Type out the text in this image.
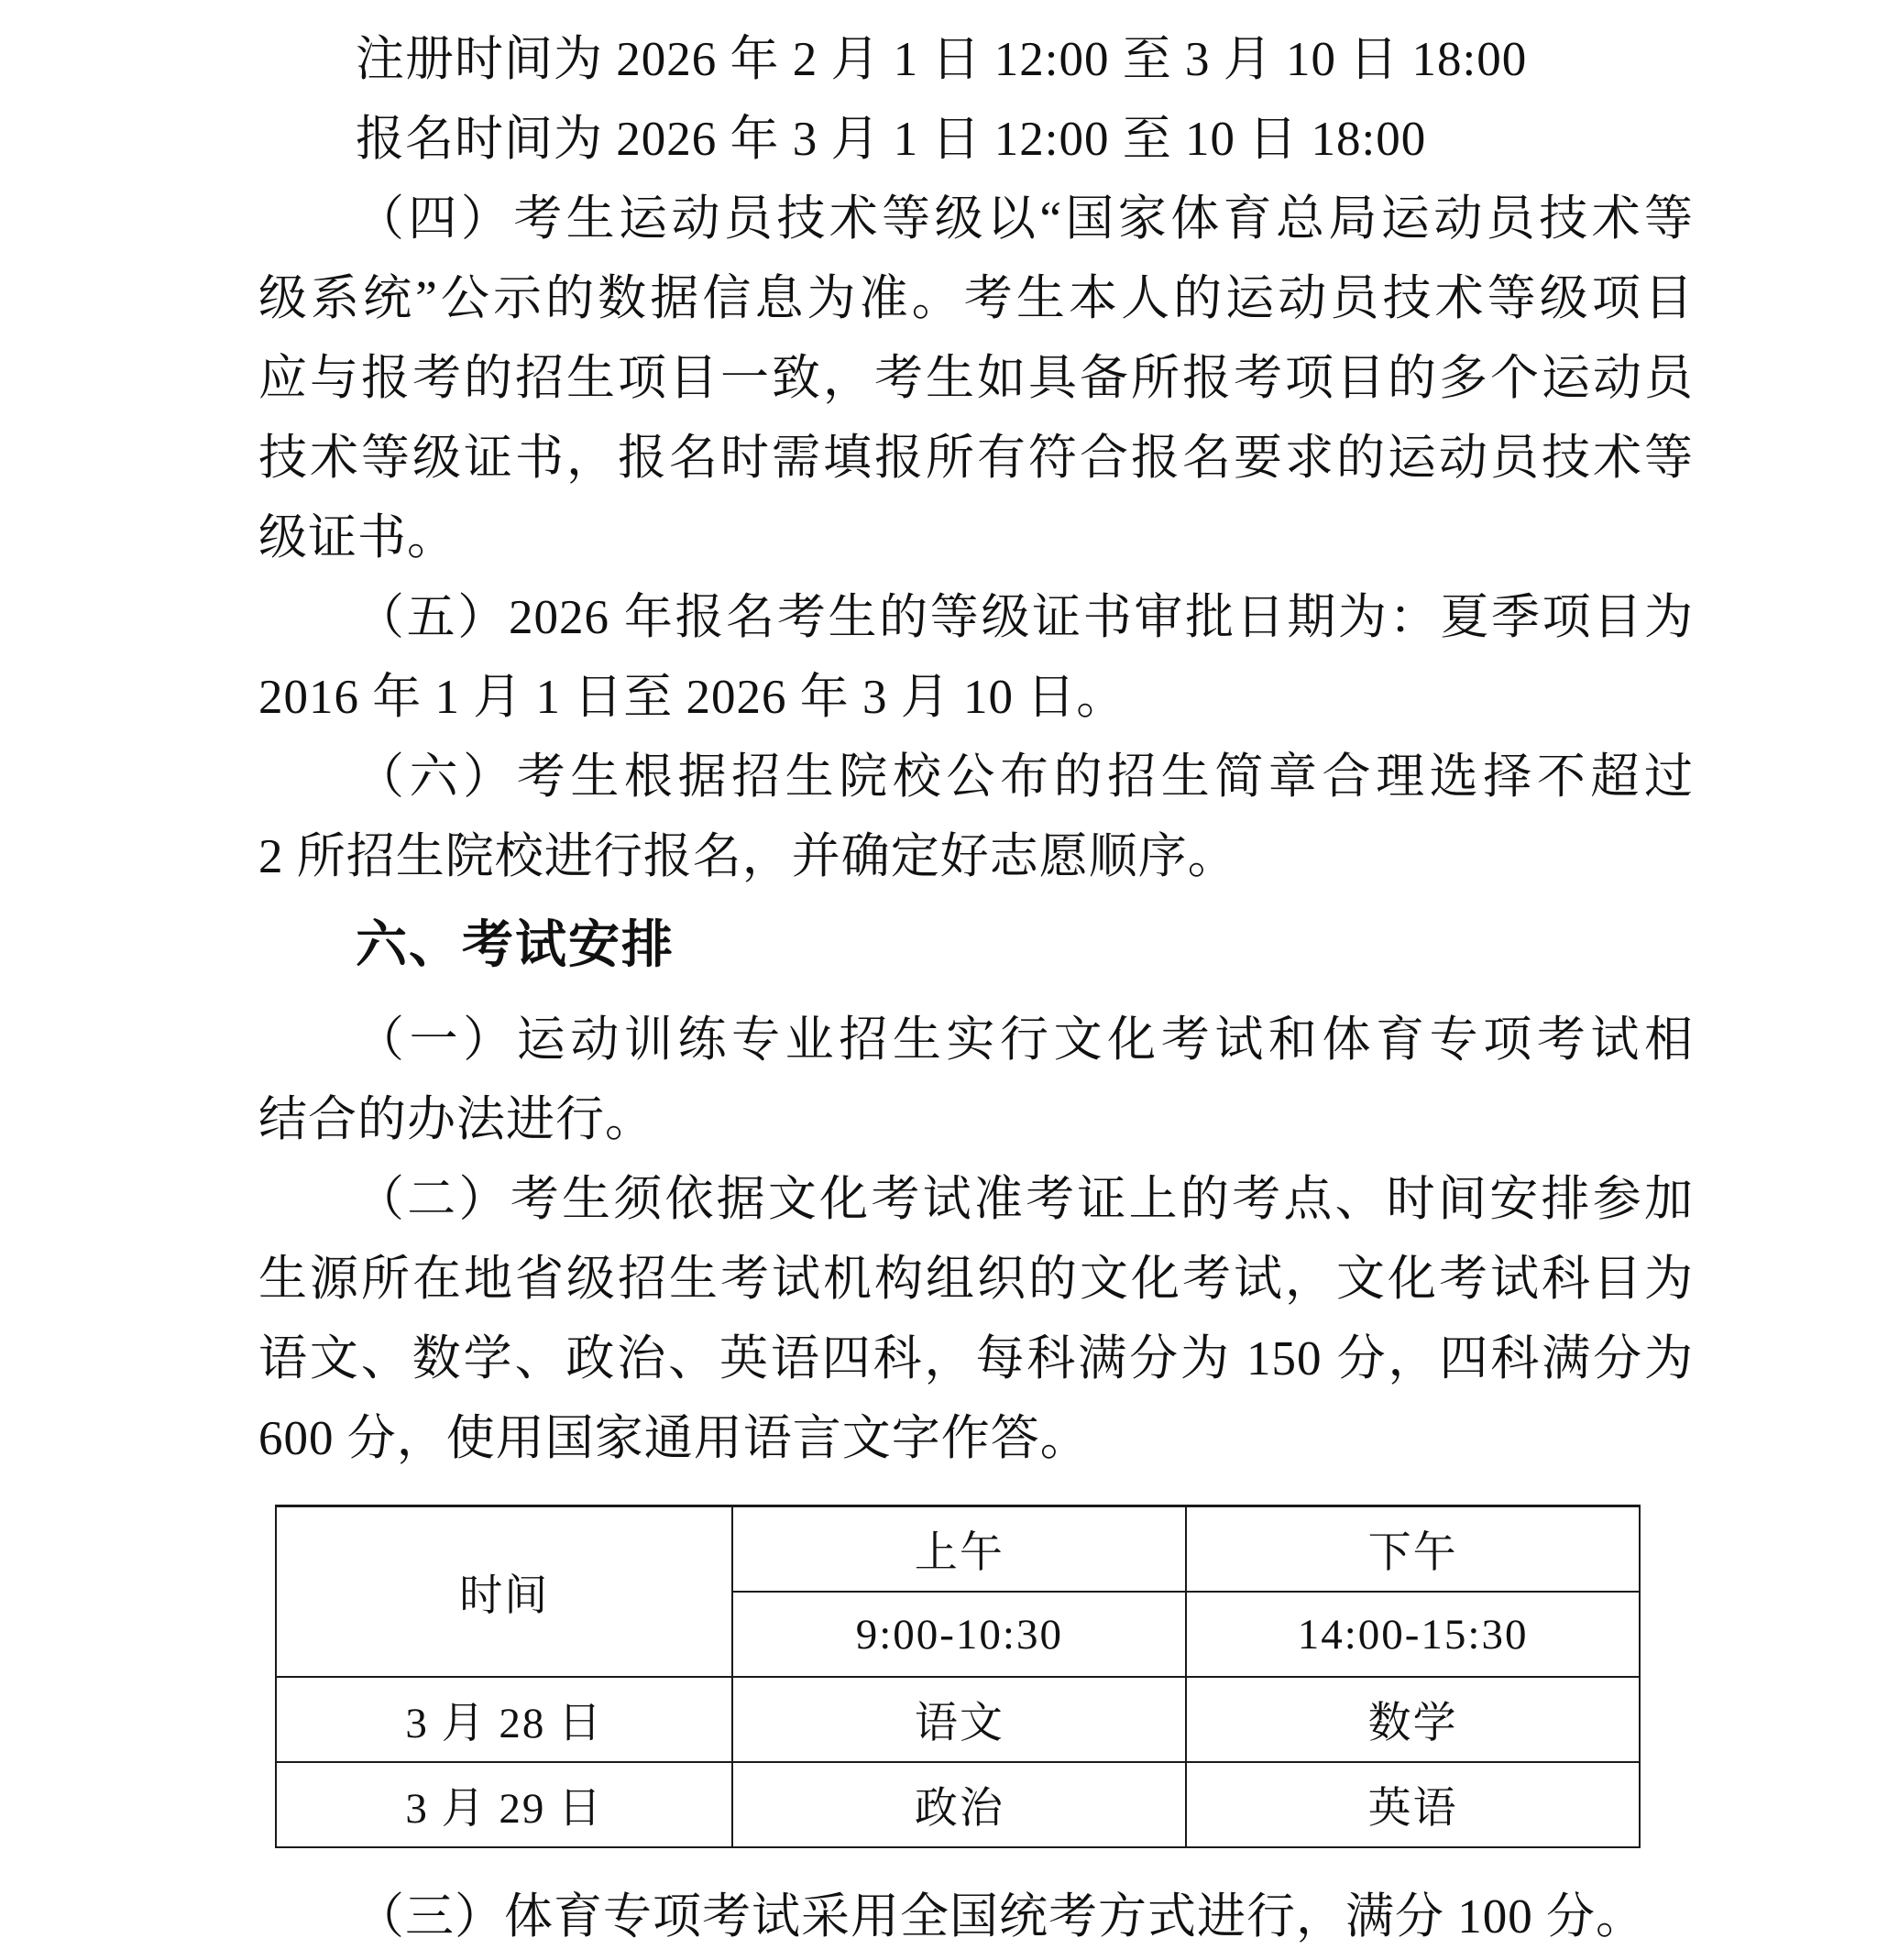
注册时间为 2026 年 2 月 1 日 12:00 至 3 月 10 日 18:00
报名时间为 2026 年 3 月 1 日 12:00 至 10 日 18:00
（四）考生运动员技术等级以“国家体育总局运动员技术等
级系统”公示的数据信息为准。考生本人的运动员技术等级项目
应与报考的招生项目一致，考生如具备所报考项目的多个运动员
技术等级证书，报名时需填报所有符合报名要求的运动员技术等
级证书。
（五）2026 年报名考生的等级证书审批日期为：夏季项目为
2016 年 1 月 1 日至 2026 年 3 月 10 日。
（六）考生根据招生院校公布的招生简章合理选择不超过
2 所招生院校进行报名，并确定好志愿顺序。
六、考试安排
（一）运动训练专业招生实行文化考试和体育专项考试相
结合的办法进行。
（二）考生须依据文化考试准考证上的考点、时间安排参加
生源所在地省级招生考试机构组织的文化考试，文化考试科目为
语文、数学、政治、英语四科，每科满分为 150 分，四科满分为
600 分，使用国家通用语言文字作答。
时间	上午	下午
	9:00-10:30	14:00-15:30
3 月 28 日	语文	数学
3 月 29 日	政治	英语
（三）体育专项考试采用全国统考方式进行，满分 100 分。
